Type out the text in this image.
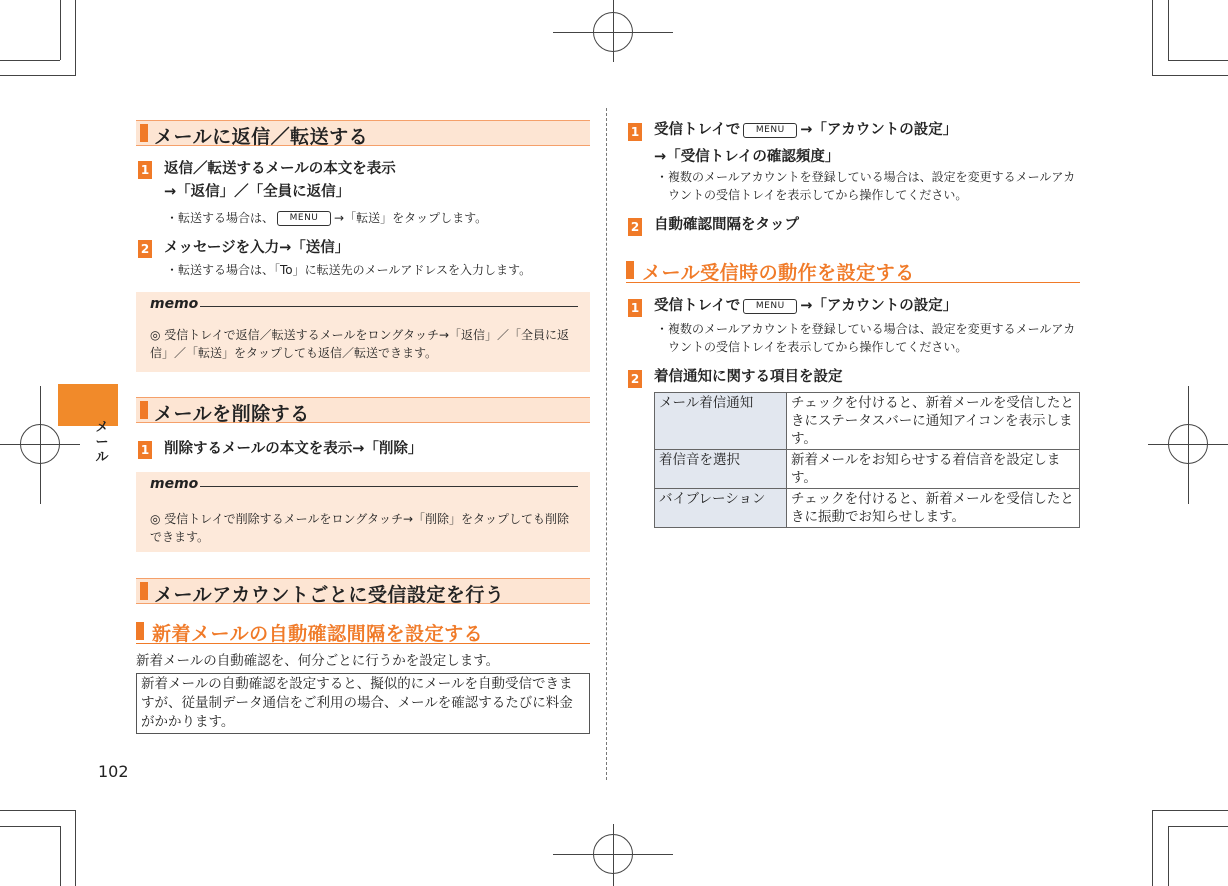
メール
102
メールに返信／転送する
1 返信／転送するメールの本文を表示
→「返信」／「全員に返信」
・ 転送する場合は、 MENU →「転送」をタップします。
2 メッセージを入力→「送信」
・ 転送する場合は、「To」に転送先のメールアドレスを入力します。
memo
◎ 受信トレイで返信／転送するメールをロングタッチ→「返信」／「全員に返信」／「転送」をタップしても返信／転送できます。
メールを削除する
1 削除するメールの本文を表示→「削除」
memo
◎ 受信トレイで削除するメールをロングタッチ→「削除」をタップしても削除できます。
メールアカウントごとに受信設定を行う
新着メールの自動確認間隔を設定する
新着メールの自動確認を、何分ごとに行うかを設定します。
新着メールの自動確認を設定すると、擬似的にメールを自動受信できますが、従量制データ通信をご利用の場合、メールを確認するたびに料金がかかります。
1 受信トレイで MENU →「アカウントの設定」
→「受信トレイの確認頻度」
・ 複数のメールアカウントを登録している場合は、設定を変更するメールアカウントの受信トレイを表示してから操作してください。
2 自動確認間隔をタップ
メール受信時の動作を設定する
1 受信トレイで MENU →「アカウントの設定」
・ 複数のメールアカウントを登録している場合は、設定を変更するメールアカウントの受信トレイを表示してから操作してください。
2 着信通知に関する項目を設定
メール着信通知	チェックを付けると、新着メールを受信したときにステータスバーに通知アイコンを表示します。
着信音を選択	新着メールをお知らせする着信音を設定します。
バイブレーション	チェックを付けると、新着メールを受信したときに振動でお知らせします。
